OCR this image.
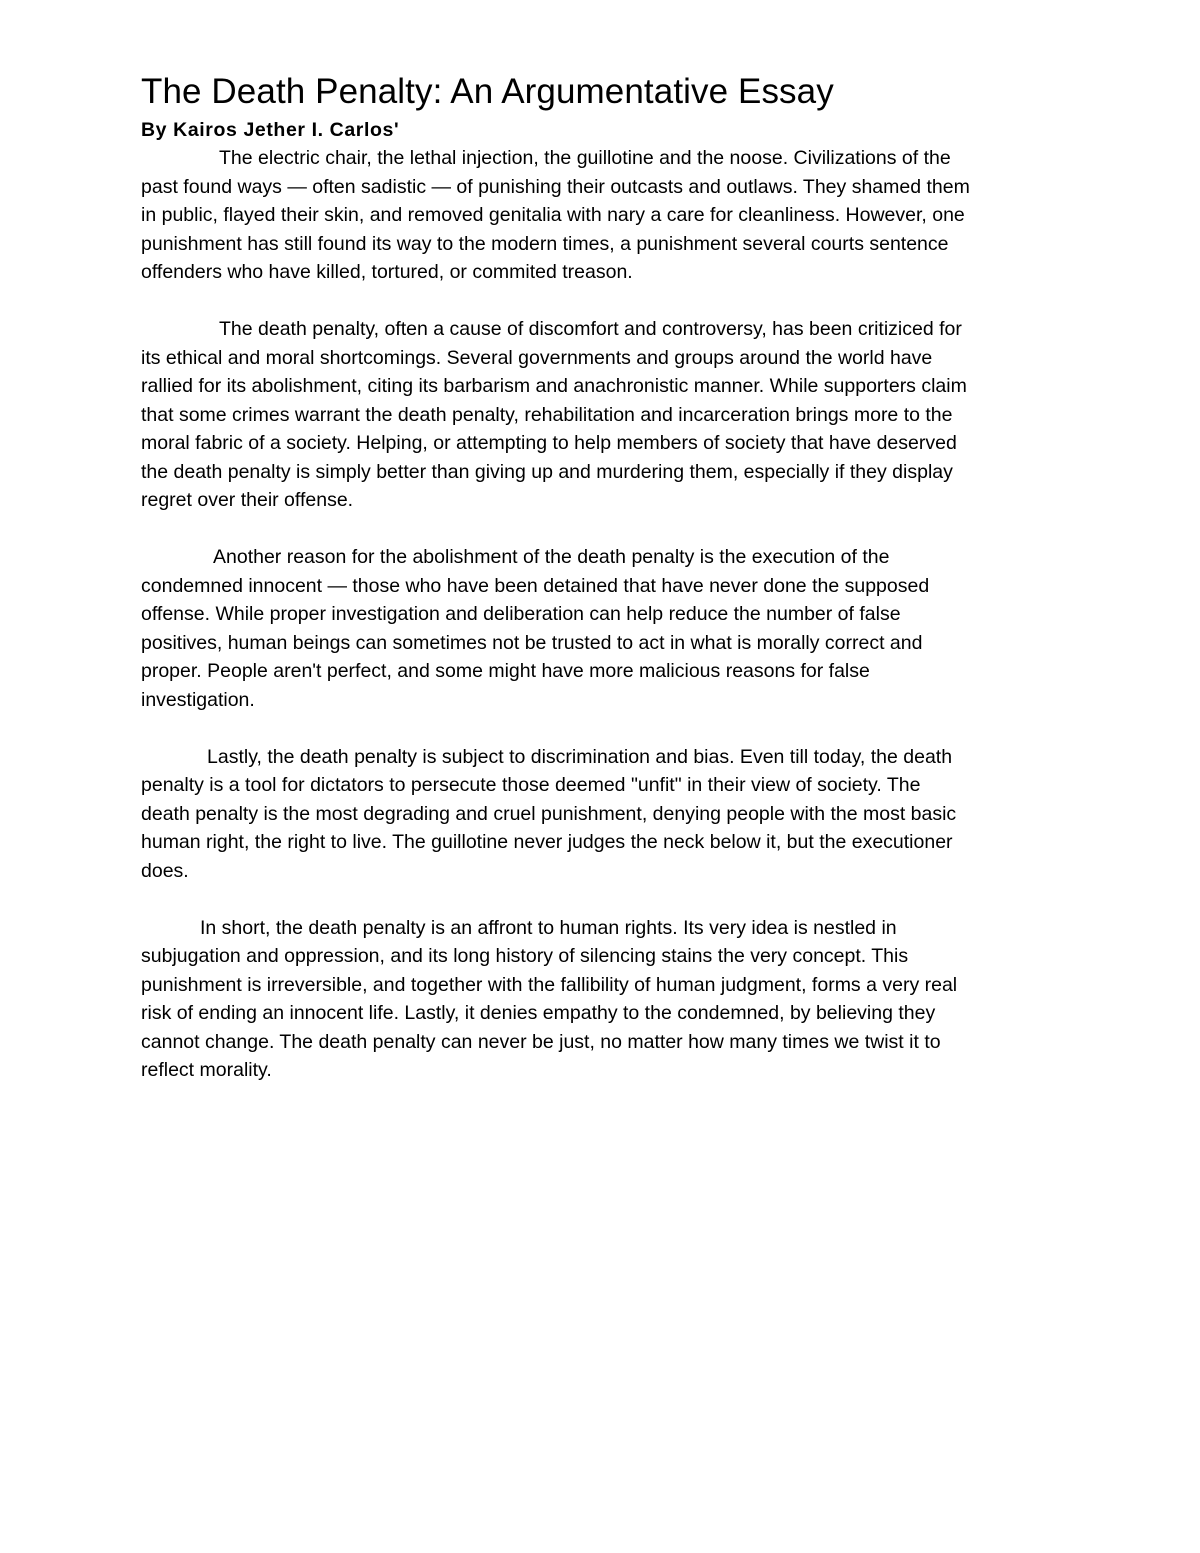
The Death Penalty: An Argumentative Essay
By Kairos Jether I. Carlos'

The electric chair, the lethal injection, the guillotine and the noose. Civilizations of the
past found ways — often sadistic — of punishing their outcasts and outlaws. They shamed them
in public, flayed their skin, and removed genitalia with nary a care for cleanliness. However, one
punishment has still found its way to the modern times, a punishment several courts sentence
offenders who have killed, tortured, or commited treason.

The death penalty, often a cause of discomfort and controversy, has been critiziced for
its ethical and moral shortcomings. Several governments and groups around the world have
rallied for its abolishment, citing its barbarism and anachronistic manner. While supporters claim
that some crimes warrant the death penalty, rehabilitation and incarceration brings more to the
moral fabric of a society. Helping, or attempting to help members of society that have deserved
the death penalty is simply better than giving up and murdering them, especially if they display
regret over their offense.

Another reason for the abolishment of the death penalty is the execution of the
condemned innocent — those who have been detained that have never done the supposed
offense. While proper investigation and deliberation can help reduce the number of false
positives, human beings can sometimes not be trusted to act in what is morally correct and
proper. People aren't perfect, and some might have more malicious reasons for false
investigation.

Lastly, the death penalty is subject to discrimination and bias. Even till today, the death
penalty is a tool for dictators to persecute those deemed "unfit" in their view of society. The
death penalty is the most degrading and cruel punishment, denying people with the most basic
human right, the right to live. The guillotine never judges the neck below it, but the executioner
does.

In short, the death penalty is an affront to human rights. Its very idea is nestled in
subjugation and oppression, and its long history of silencing stains the very concept. This
punishment is irreversible, and together with the fallibility of human judgment, forms a very real
risk of ending an innocent life. Lastly, it denies empathy to the condemned, by believing they
cannot change. The death penalty can never be just, no matter how many times we twist it to
reflect morality.
